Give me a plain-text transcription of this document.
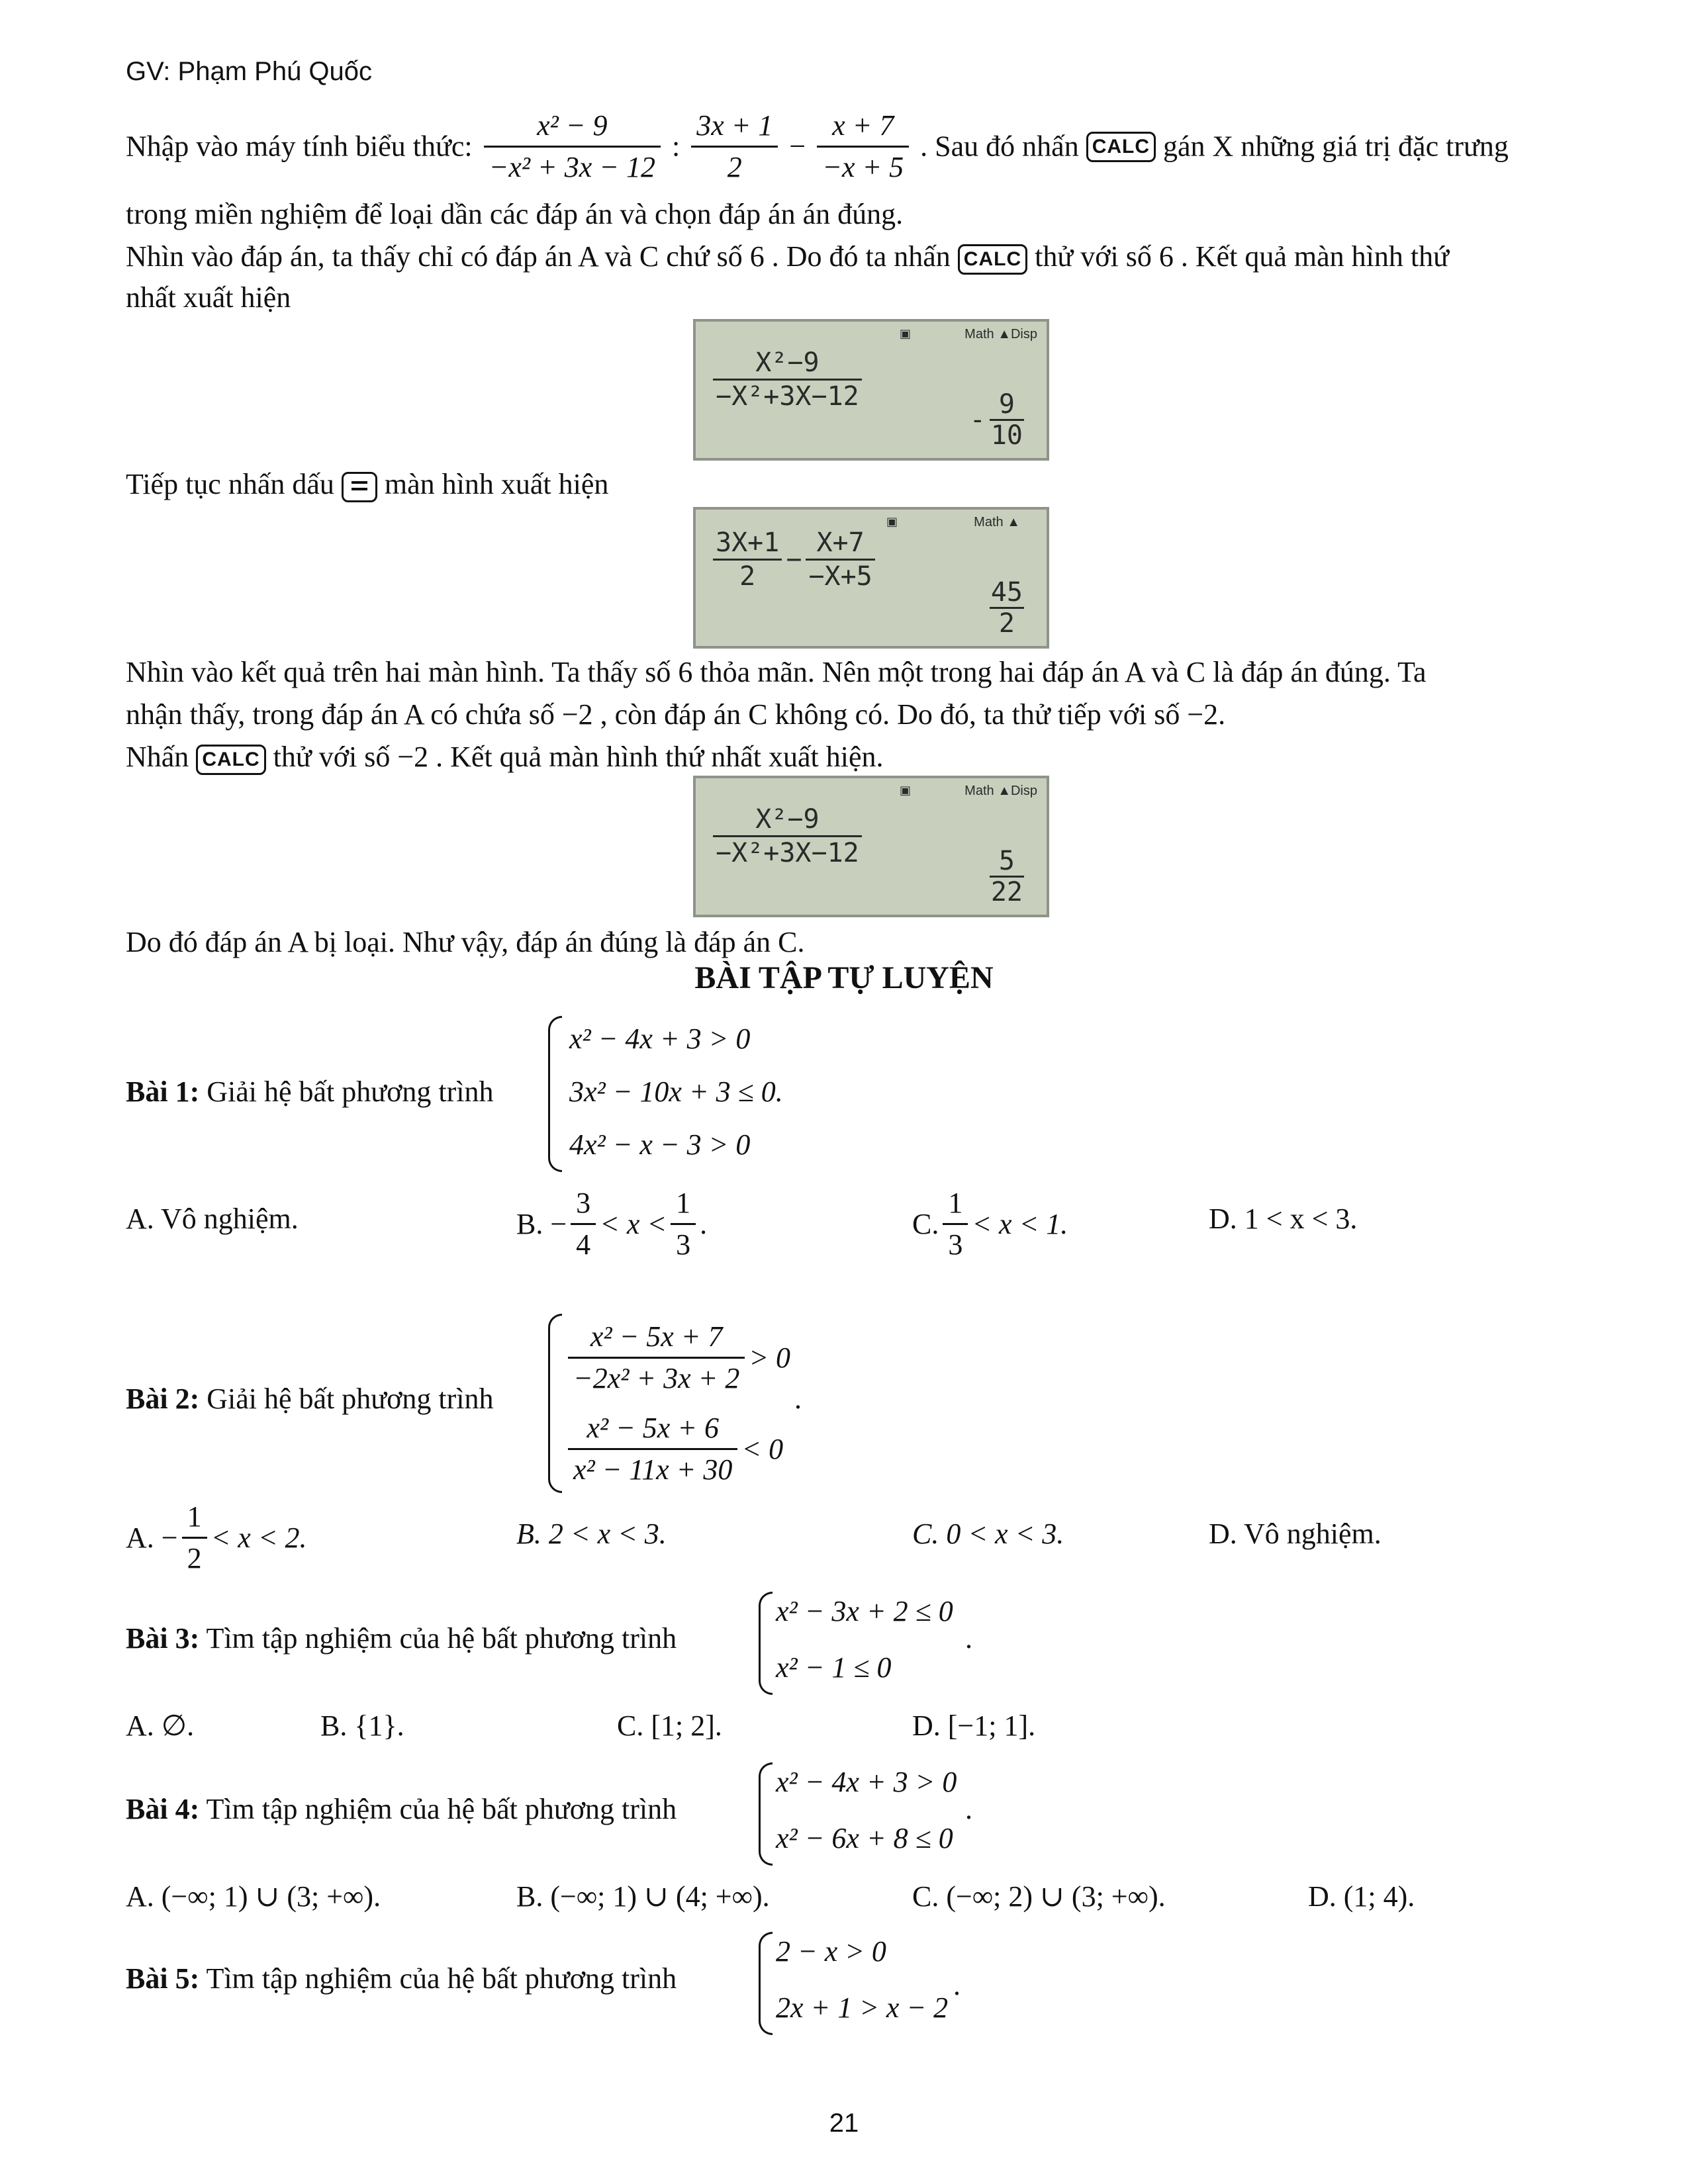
GV: Phạm Phú Quốc
Nhập vào máy tính biểu thức: $\frac{\text{x² − 9}}{\text{−x² + 3x − 12}}$ : $\frac{3x + 1}{2} - \frac{x + 7}{-x + 5}$ . Sau đó nhấn CALC gán X những giá trị đặc trưng
trong miền nghiệm để loại dần các đáp án và chọn đáp án án đúng.
Nhìn vào đáp án, ta thấy chỉ có đáp án A và C chứ số 6 . Do đó ta nhấn CALC thử với số 6 . Kết quả màn hình thứ
nhất xuất hiện
▣	Math ▲Disp
$\frac{\text{X²−9}}{\text{−X²+3X−12}}$
- $\frac{9}{10}$
Tiếp tục nhấn dấu màn hình xuất hiện
▣	Math ▲
$\frac{3X+1}{2} - \frac{X+7}{-X+5}$
$\frac{45}{2}$
Nhìn vào kết quả trên hai màn hình. Ta thấy số 6 thỏa mãn. Nên một trong hai đáp án A và C là đáp án đúng. Ta
nhận thấy, trong đáp án A có chứa số −2 , còn đáp án C không có. Do đó, ta thử tiếp với số −2.
Nhấn CALC thử với số −2 . Kết quả màn hình thứ nhất xuất hiện.
▣	Math ▲Disp
$\frac{\text{X²−9}}{\text{−X²+3X−12}}$
$\frac{5}{22}$
Do đó đáp án A bị loại. Như vậy, đáp án đúng là đáp án C.
BÀI TẬP TỰ LUYỆN
Bài 1: Giải hệ bất phương trình
x² − 4x + 3 > 0
3x² − 10x + 3 ≤ 0.
4x² − x − 3 > 0
A. Vô nghiệm.	B. − $\frac{3}{4} < x < \frac{1}{3}$ .	C. $\frac{1}{3} < x < 1$.	D. 1 < x < 3.
Bài 2: Giải hệ bất phương trình
$\frac{\text{x² − 5x + 7}}{\text{−2x² + 3x + 2}} > 0$
$\frac{\text{x² − 5x + 6}}{\text{x² − 11x + 30}} < 0$
.
A. − $\frac{1}{2} < x < 2$.	B. 2 < x < 3.	C. 0 < x < 3.	D. Vô nghiệm.
Bài 3: Tìm tập nghiệm của hệ bất phương trình
x² − 3x + 2 ≤ 0
x² − 1 ≤ 0
.
A. ∅.	B. {1}.	C. [1; 2].	D. [−1; 1].
Bài 4: Tìm tập nghiệm của hệ bất phương trình
x² − 4x + 3 > 0
x² − 6x + 8 ≤ 0
.
A. (−∞; 1) ∪ (3; +∞).	B. (−∞; 1) ∪ (4; +∞).	C. (−∞; 2) ∪ (3; +∞).	D. (1; 4).
Bài 5: Tìm tập nghiệm của hệ bất phương trình
2 − x > 0
2x + 1 > x − 2
.
21
